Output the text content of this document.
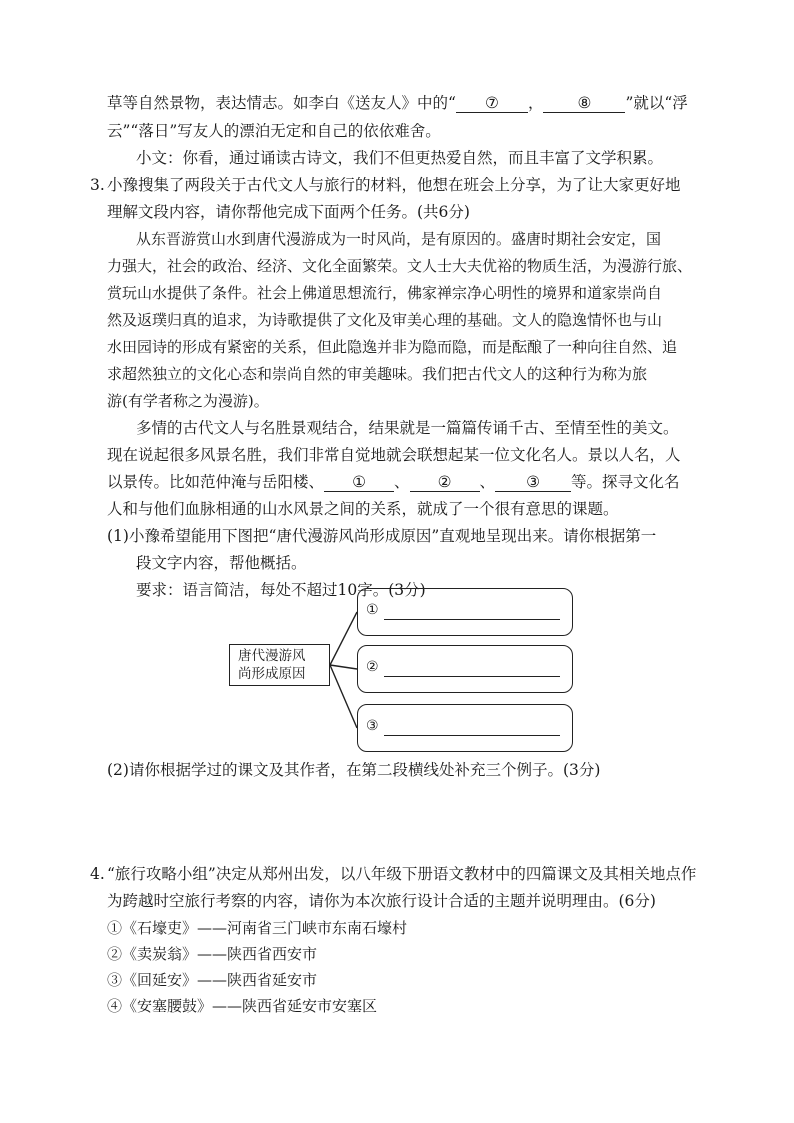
草等自然景物，表达情志。如李白《送友人》中的“ ⑦ ， ⑧ ”就以“浮
云”“落日”写友人的漂泊无定和自己的依依难舍。
小文：你看，通过诵读古诗文，我们不但更热爱自然，而且丰富了文学积累。
3. 小豫搜集了两段关于古代文人与旅行的材料，他想在班会上分享，为了让大家更好地
理解文段内容，请你帮他完成下面两个任务。(共6分)
从东晋游赏山水到唐代漫游成为一时风尚，是有原因的。盛唐时期社会安定，国
力强大，社会的政治、经济、文化全面繁荣。文人士大夫优裕的物质生活，为漫游行旅、
赏玩山水提供了条件。社会上佛道思想流行，佛家禅宗净心明性的境界和道家崇尚自
然及返璞归真的追求，为诗歌提供了文化及审美心理的基础。文人的隐逸情怀也与山
水田园诗的形成有紧密的关系，但此隐逸并非为隐而隐，而是酝酿了一种向往自然、追
求超然独立的文化心态和崇尚自然的审美趣味。我们把古代文人的这种行为称为旅
游(有学者称之为漫游)。
多情的古代文人与名胜景观结合，结果就是一篇篇传诵千古、至情至性的美文。
现在说起很多风景名胜，我们非常自觉地就会联想起某一位文化名人。景以人名，人
以景传。比如范仲淹与岳阳楼、 ① 、 ② 、 ③ 等。探寻文化名
人和与他们血脉相通的山水风景之间的关系，就成了一个很有意思的课题。
(1)小豫希望能用下图把“唐代漫游风尚形成原因”直观地呈现出来。请你根据第一
段文字内容，帮他概括。
要求：语言简洁，每处不超过10字。(3分)
唐代漫游风
尚形成原因
①
②
③
(2)请你根据学过的课文及其作者，在第二段横线处补充三个例子。(3分)
4. “旅行攻略小组”决定从郑州出发，以八年级下册语文教材中的四篇课文及其相关地点作
为跨越时空旅行考察的内容，请你为本次旅行设计合适的主题并说明理由。(6分)
①《石壕吏》——河南省三门峡市东南石壕村
②《卖炭翁》——陕西省西安市
③《回延安》——陕西省延安市
④《安塞腰鼓》——陕西省延安市安塞区
